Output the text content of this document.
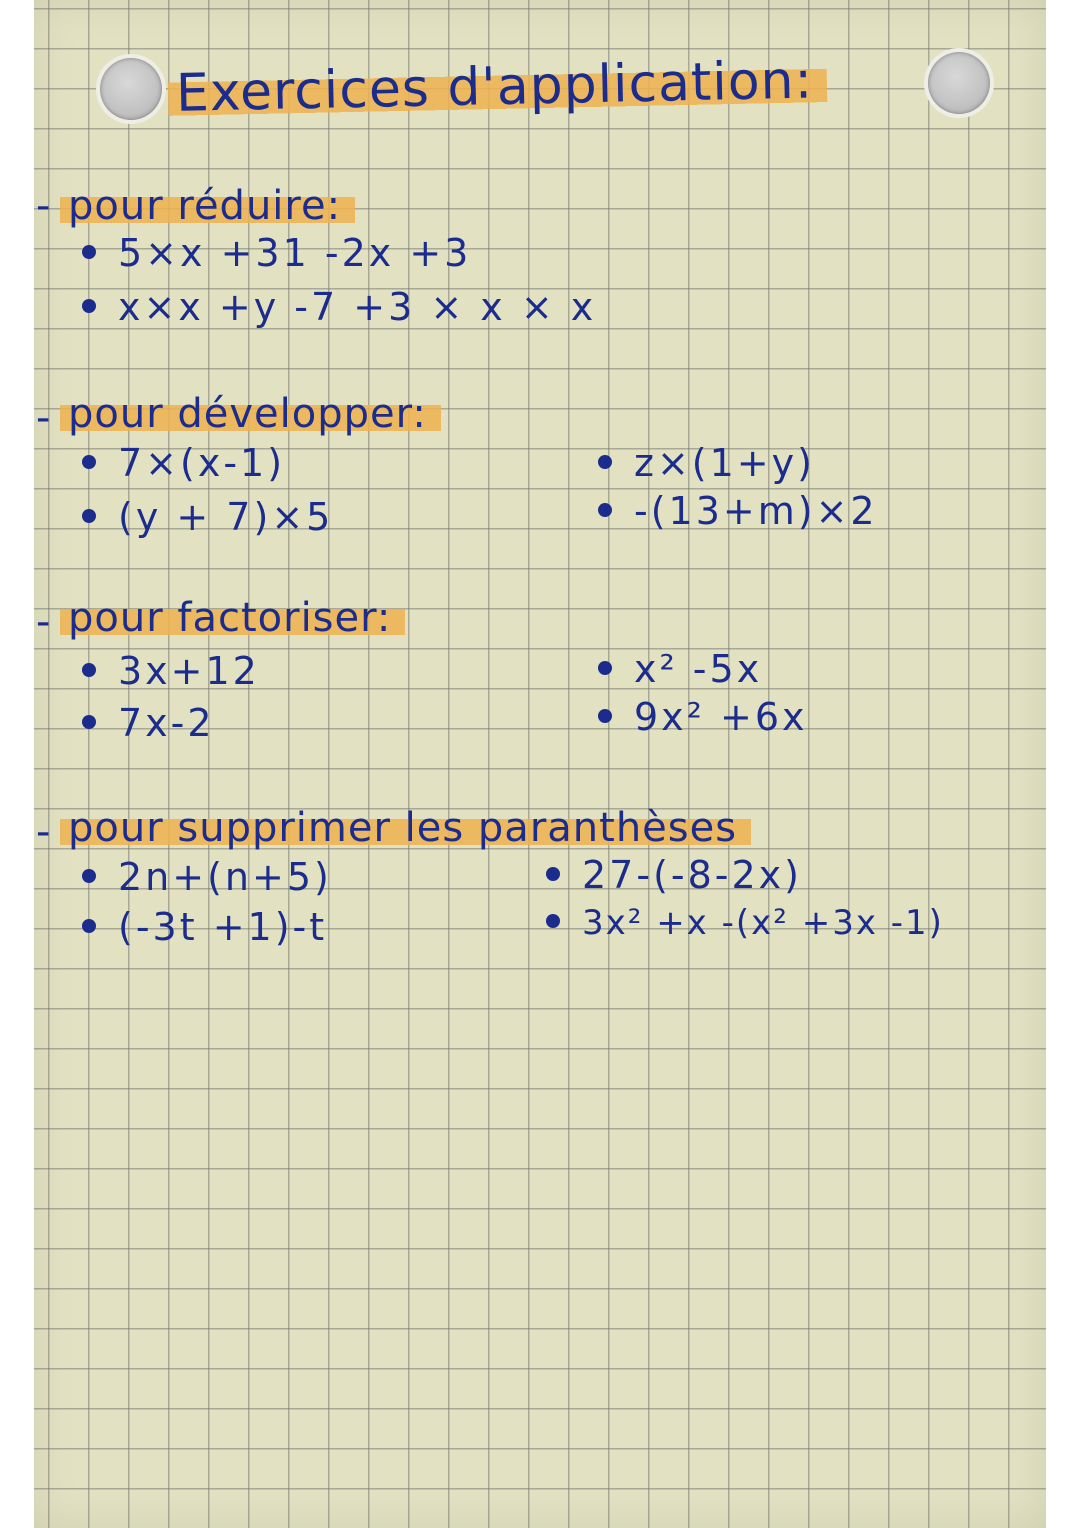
Exercices d'application:
- pour réduire:
5×x +31 -2x +3
x×x +y -7 +3 × x × x
- pour développer:
7×(x-1)
(y + 7)×5
z×(1+y)
-(13+m)×2
- pour factoriser:
3x+12
7x-2
x² -5x
9x² +6x
- pour supprimer les paranthèses
2n+(n+5)
(-3t +1)-t
27-(-8-2x)
3x² +x -(x² +3x -1)
